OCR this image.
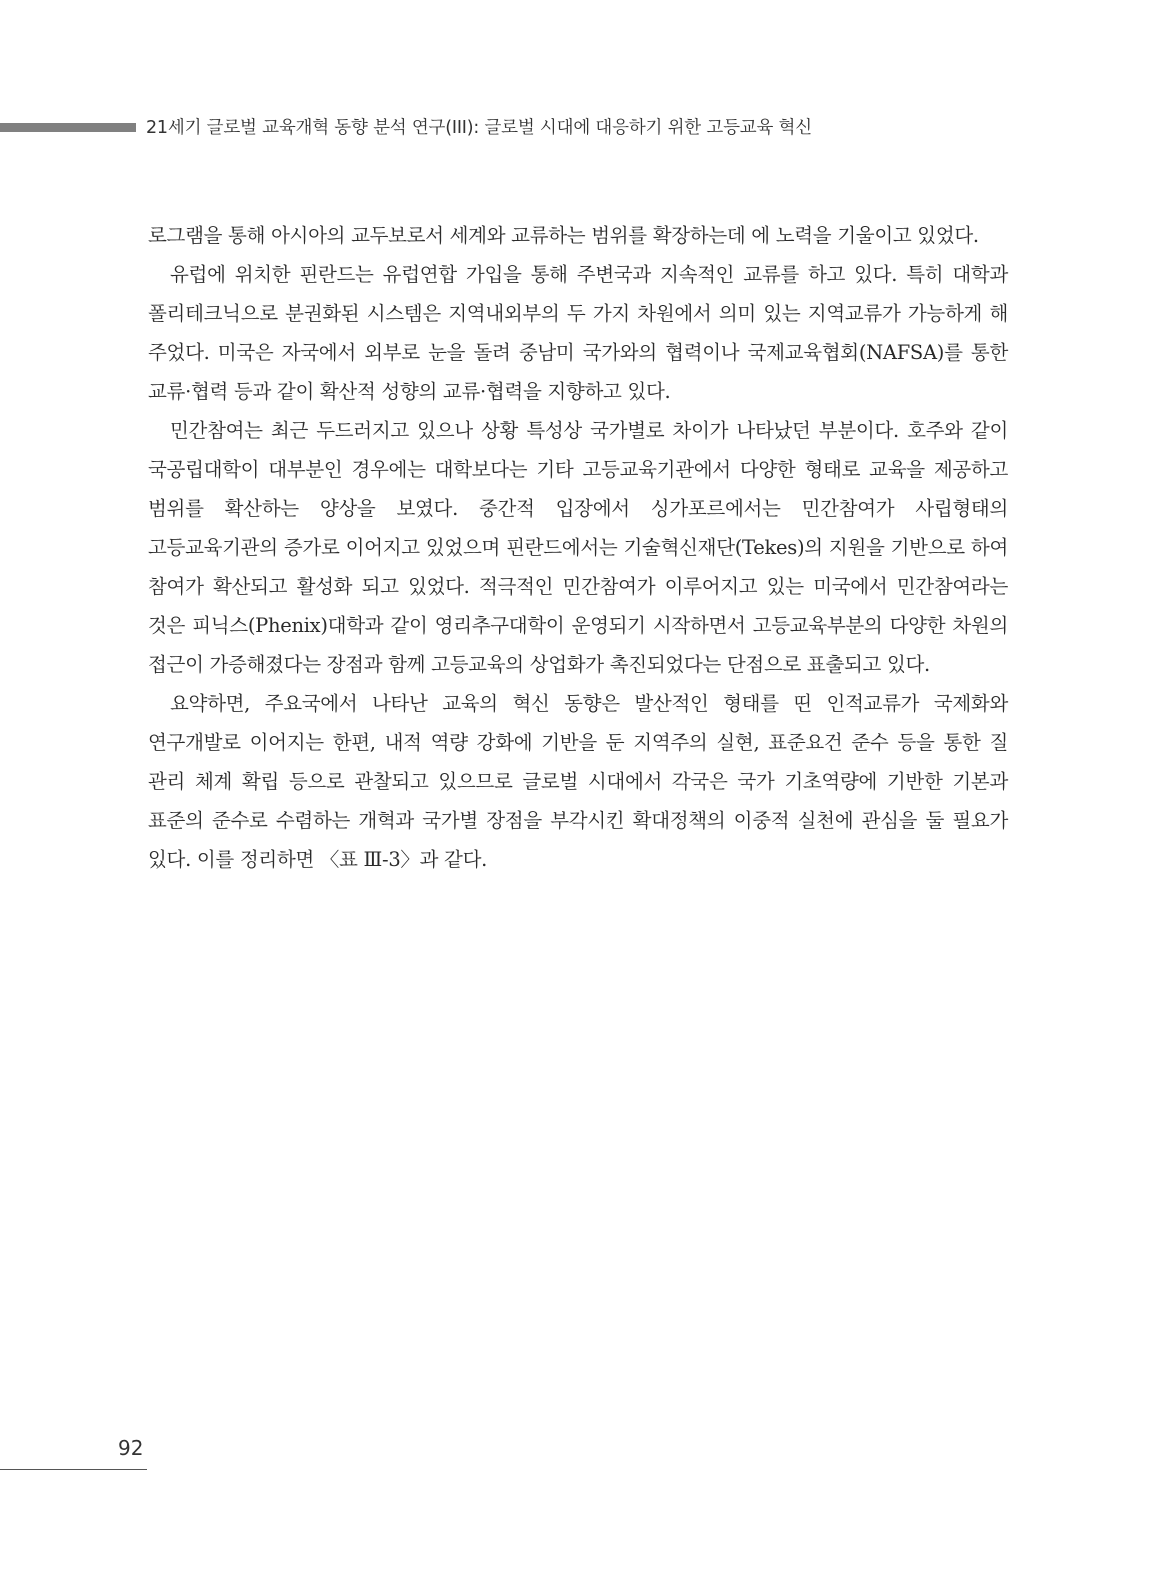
21세기 글로벌 교육개혁 동향 분석 연구(III): 글로벌 시대에 대응하기 위한 고등교육 혁신

로그램을 통해 아시아의 교두보로서 세계와 교류하는 범위를 확장하는데 에 노력을 기울이고 있었다.

유럽에 위치한 핀란드는 유럽연합 가입을 통해 주변국과 지속적인 교류를 하고 있다. 특히 대학과 폴리테크닉으로 분권화된 시스템은 지역내외부의 두 가지 차원에서 의미 있는 지역교류가 가능하게 해 주었다. 미국은 자국에서 외부로 눈을 돌려 중남미 국가와의 협력이나 국제교육협회(NAFSA)를 통한 교류·협력 등과 같이 확산적 성향의 교류·협력을 지향하고 있다.

민간참여는 최근 두드러지고 있으나 상황 특성상 국가별로 차이가 나타났던 부분이다. 호주와 같이 국공립대학이 대부분인 경우에는 대학보다는 기타 고등교육기관에서 다양한 형태로 교육을 제공하고 범위를 확산하는 양상을 보였다. 중간적 입장에서 싱가포르에서는 민간참여가 사립형태의 고등교육기관의 증가로 이어지고 있었으며 핀란드에서는 기술혁신재단(Tekes)의 지원을 기반으로 하여 참여가 확산되고 활성화 되고 있었다. 적극적인 민간참여가 이루어지고 있는 미국에서 민간참여라는 것은 피닉스(Phenix)대학과 같이 영리추구대학이 운영되기 시작하면서 고등교육부분의 다양한 차원의 접근이 가증해졌다는 장점과 함께 고등교육의 상업화가 촉진되었다는 단점으로 표출되고 있다.

요약하면, 주요국에서 나타난 교육의 혁신 동향은 발산적인 형태를 띤 인적교류가 국제화와 연구개발로 이어지는 한편, 내적 역량 강화에 기반을 둔 지역주의 실현, 표준요건 준수 등을 통한 질 관리 체계 확립 등으로 관찰되고 있으므로 글로벌 시대에서 각국은 국가 기초역량에 기반한 기본과 표준의 준수로 수렴하는 개혁과 국가별 장점을 부각시킨 확대정책의 이중적 실천에 관심을 둘 필요가 있다. 이를 정리하면 〈표 Ⅲ-3〉과 같다.

92
